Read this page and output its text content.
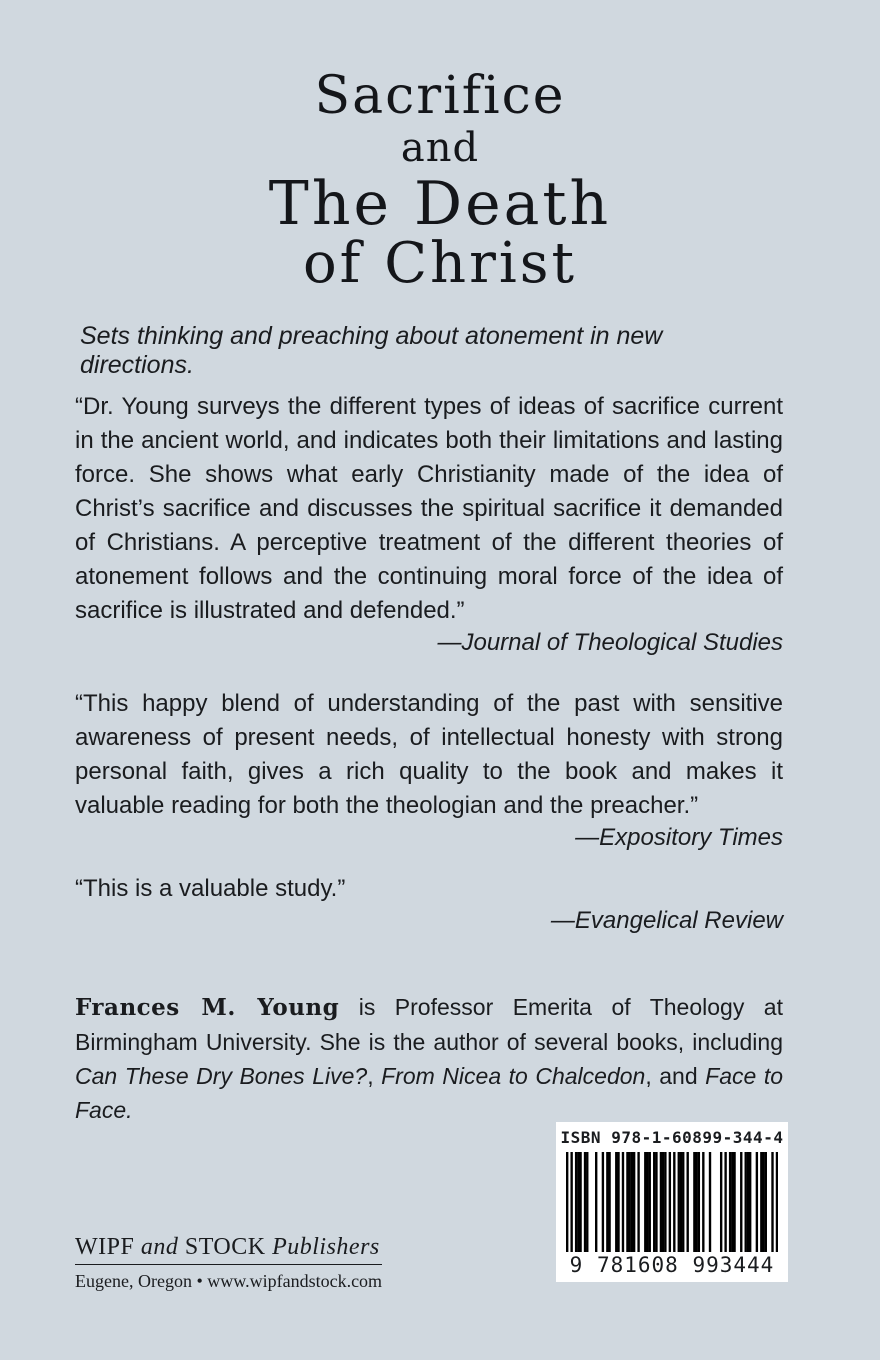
Sacrifice
and
The Death
of Christ
Sets thinking and preaching about atonement in new directions.
“Dr. Young surveys the different types of ideas of sacrifice current in the ancient world, and indicates both their limitations and lasting force. She shows what early Christianity made of the idea of Christ’s sacrifice and discusses the spiritual sacrifice it demanded of Christians. A perceptive treatment of the different theories of atonement follows and the continuing moral force of the idea of sacrifice is illustrated and defended.”
—Journal of Theological Studies
“This happy blend of understanding of the past with sensitive awareness of present needs, of intellectual honesty with strong personal faith, gives a rich quality to the book and makes it valuable reading for both the theologian and the preacher.”
—Expository Times
“This is a valuable study.”
—Evangelical Review
Frances M. Young is Professor Emerita of Theology at Birmingham University. She is the author of several books, including Can These Dry Bones Live?, From Nicea to Chalcedon, and Face to Face.
WIPF and STOCK Publishers
Eugene, Oregon • www.wipfandstock.com
ISBN 978-1-60899-344-4
9 781608 993444
